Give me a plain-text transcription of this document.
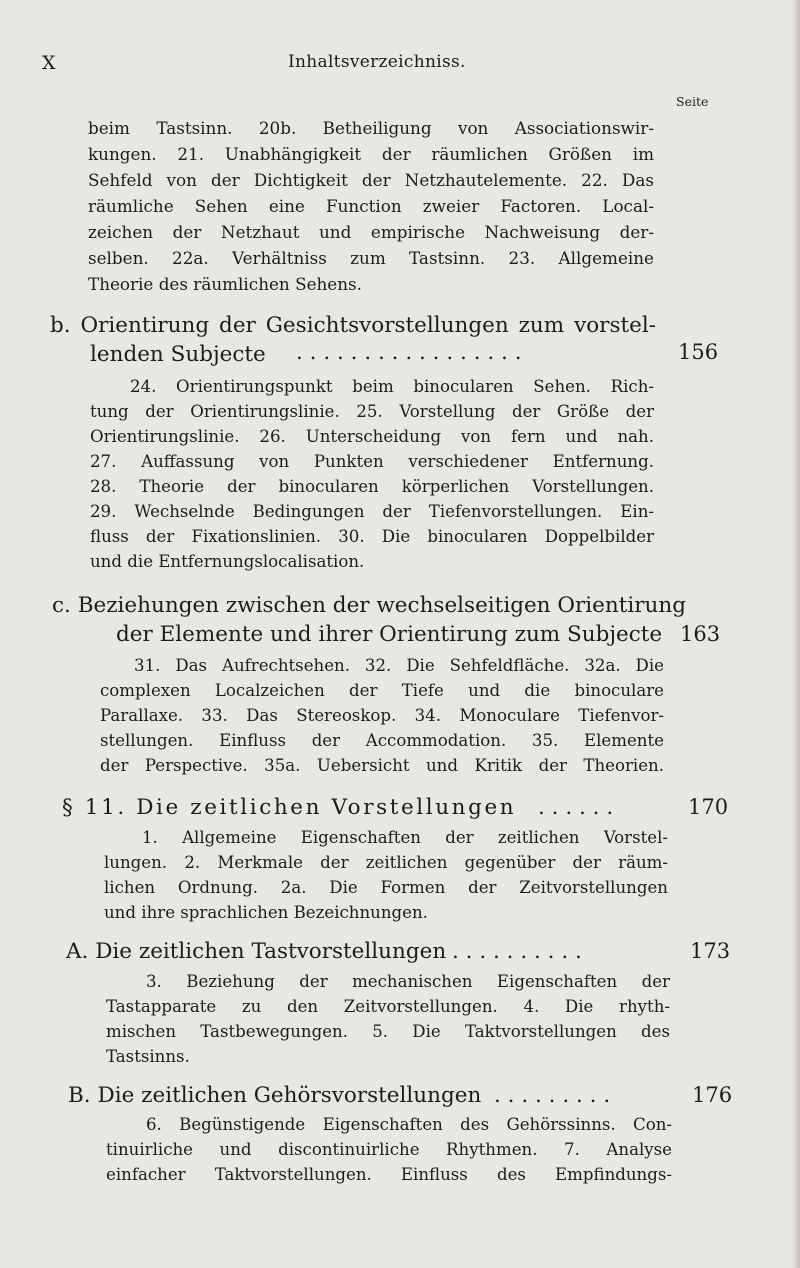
X	Inhaltsverzeichniss.
Seite
beim Tastsinn. 20b. Betheiligung von Associationswir-
kungen. 21. Unabhängigkeit der räumlichen Größen im
Sehfeld von der Dichtigkeit der Netzhautelemente. 22. Das
räumliche Sehen eine Function zweier Factoren. Local-
zeichen der Netzhaut und empirische Nachweisung der-
selben. 22a. Verhältniss zum Tastsinn. 23. Allgemeine
Theorie des räumlichen Sehens.
b. Orientirung der Gesichtsvorstellungen zum vorstel-
lenden Subjecte . . . . . . . . . . . . . . . . .	156
24. Orientirungspunkt beim binocularen Sehen. Rich-
tung der Orientirungslinie. 25. Vorstellung der Größe der
Orientirungslinie. 26. Unterscheidung von fern und nah.
27. Auffassung von Punkten verschiedener Entfernung.
28. Theorie der binocularen körperlichen Vorstellungen.
29. Wechselnde Bedingungen der Tiefenvorstellungen. Ein-
fluss der Fixationslinien. 30. Die binocularen Doppelbilder
und die Entfernungslocalisation.
c. Beziehungen zwischen der wechselseitigen Orientirung
der Elemente und ihrer Orientirung zum Subjecte 163
31. Das Aufrechtsehen. 32. Die Sehfeldfläche. 32a. Die
complexen Localzeichen der Tiefe und die binoculare
Parallaxe. 33. Das Stereoskop. 34. Monoculare Tiefenvor-
stellungen. Einfluss der Accommodation. 35. Elemente
der Perspective. 35a. Uebersicht und Kritik der Theorien.
§ 11. Die zeitlichen Vorstellungen . . . . . .	170
1. Allgemeine Eigenschaften der zeitlichen Vorstel-
lungen. 2. Merkmale der zeitlichen gegenüber der räum-
lichen Ordnung. 2a. Die Formen der Zeitvorstellungen
und ihre sprachlichen Bezeichnungen.
A. Die zeitlichen Tastvorstellungen . . . . . . . . . .	173
3. Beziehung der mechanischen Eigenschaften der
Tastapparate zu den Zeitvorstellungen. 4. Die rhyth-
mischen Tastbewegungen. 5. Die Taktvorstellungen des
Tastsinns.
B. Die zeitlichen Gehörsvorstellungen . . . . . . . . .	176
6. Begünstigende Eigenschaften des Gehörssinns. Con-
tinuirliche und discontinuirliche Rhythmen. 7. Analyse
einfacher Taktvorstellungen. Einfluss des Empfindungs-
